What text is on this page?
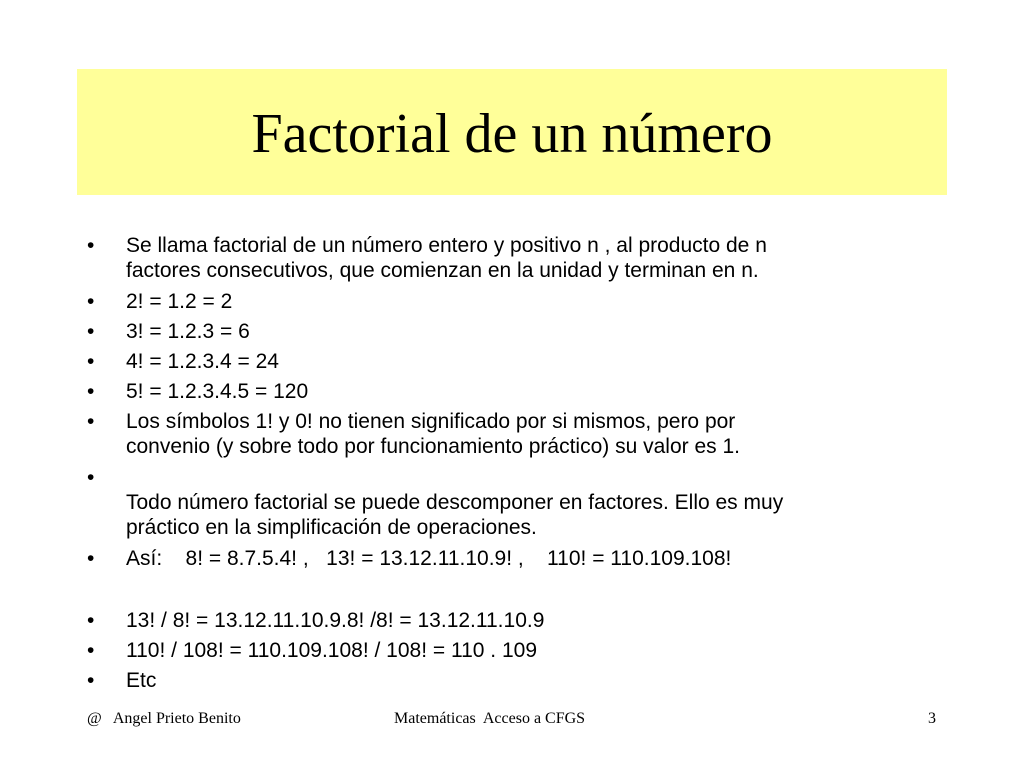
Factorial de un número
•	Se llama factorial de un número entero y positivo n , al producto de n
factores consecutivos, que comienzan en la unidad y terminan en n.
•	2! = 1.2 = 2
•	3! = 1.2.3 = 6
•	4! = 1.2.3.4 = 24
•	5! = 1.2.3.4.5 = 120
•	Los símbolos 1! y 0! no tienen significado por si mismos, pero por
convenio (y sobre todo por funcionamiento práctico) su valor es 1.
•

Todo número factorial se puede descomponer en factores. Ello es muy
práctico en la simplificación de operaciones.
•	Así:    8! = 8.7.5.4! ,   13! = 13.12.11.10.9! ,    110! = 110.109.108!
•	13! / 8! = 13.12.11.10.9.8! /8! = 13.12.11.10.9
•	110! / 108! = 110.109.108! / 108! = 110 . 109
•	Etc
@   Angel Prieto Benito	Matemáticas  Acceso a CFGS	3
